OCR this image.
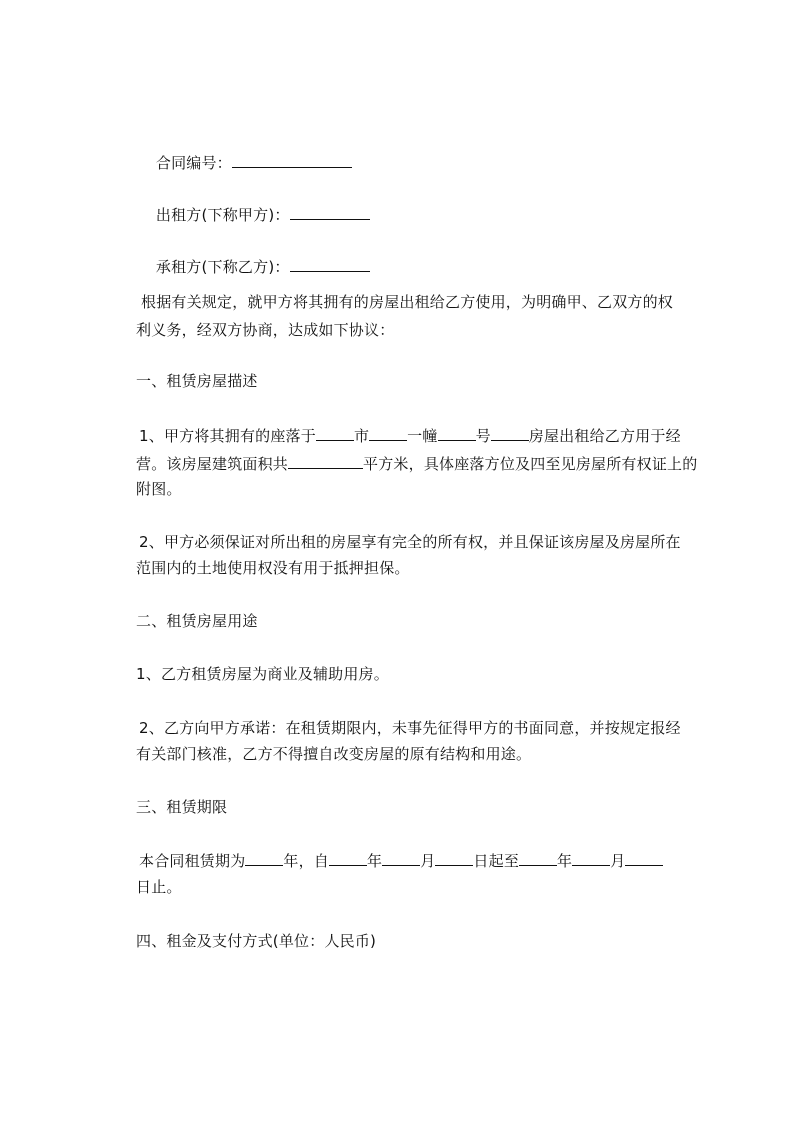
合同编号：

出租方(下称甲方)：

承租方(下称乙方)：

根据有关规定，就甲方将其拥有的房屋出租给乙方使用，为明确甲、乙双方的权
利义务，经双方协商，达成如下协议：
一、租赁房屋描述
1、甲方将其拥有的座落于	市	一幢	号	房屋出租给乙方用于经
营。该房屋建筑面积共	平方米，具体座落方位及四至见房屋所有权证上的
附图。
2、甲方必须保证对所出租的房屋享有完全的所有权，并且保证该房屋及房屋所在
范围内的土地使用权没有用于抵押担保。
二、租赁房屋用途
1、乙方租赁房屋为商业及辅助用房。
2、乙方向甲方承诺：在租赁期限内，未事先征得甲方的书面同意，并按规定报经
有关部门核准，乙方不得擅自改变房屋的原有结构和用途。
三、租赁期限
本合同租赁期为	年，自	年	月	日起至	年	月
日止。
四、租金及支付方式(单位：人民币)
